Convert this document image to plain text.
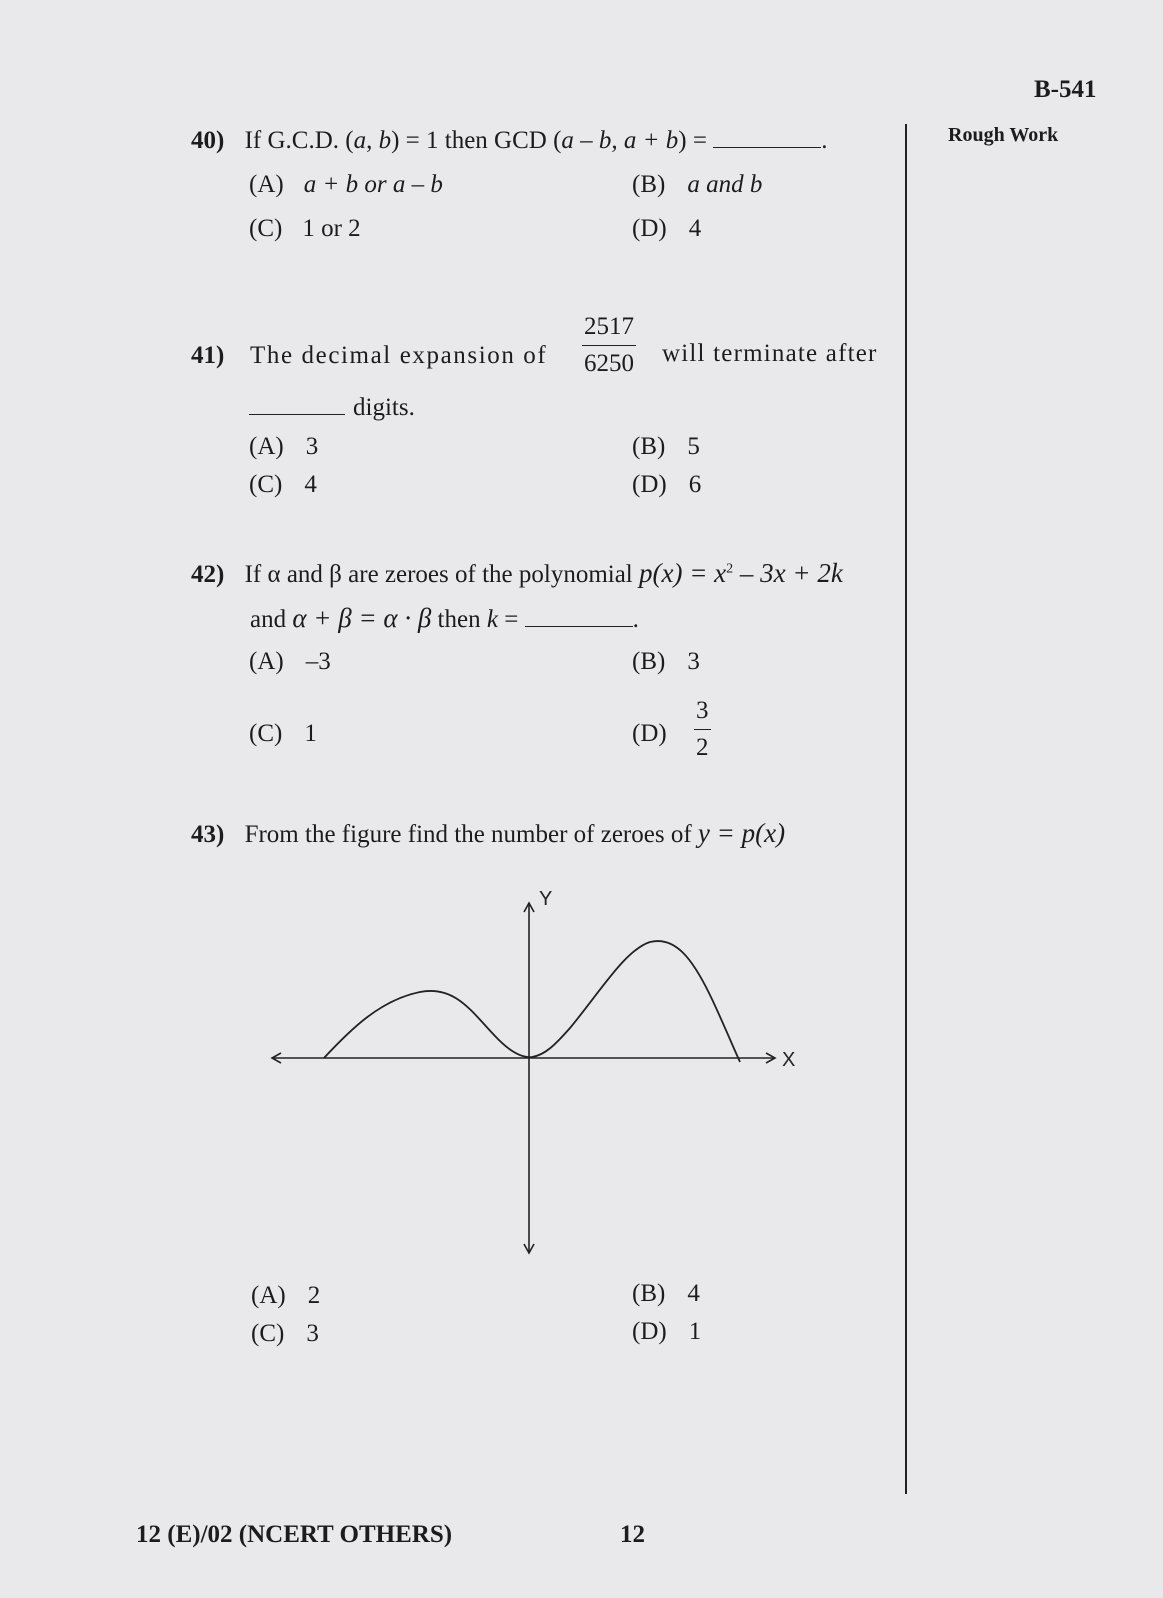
B-541
Rough Work
40) If G.C.D. (a, b) = 1 then GCD (a – b, a + b) =	.
(A) a + b or a – b	(B) a and b
(C) 1 or 2	(D) 4
41) The decimal expansion of $\frac{2517}{6250}$ will terminate after
digits.
(A) 3	(B) 5
(C) 4	(D) 6
42) If α and β are zeroes of the polynomial $p(x) = x^2 - 3x + 2k$
and α + β = α · β then k =	.
(A) –3	(B) 3
(C) 1	$(D) \frac{3}{2}$
43) From the figure find the number of zeroes of y = p(x)
Y
X
(A) 2	(B) 4
(C) 3	(D) 1
12 (E)/02 (NCERT OTHERS)	12
